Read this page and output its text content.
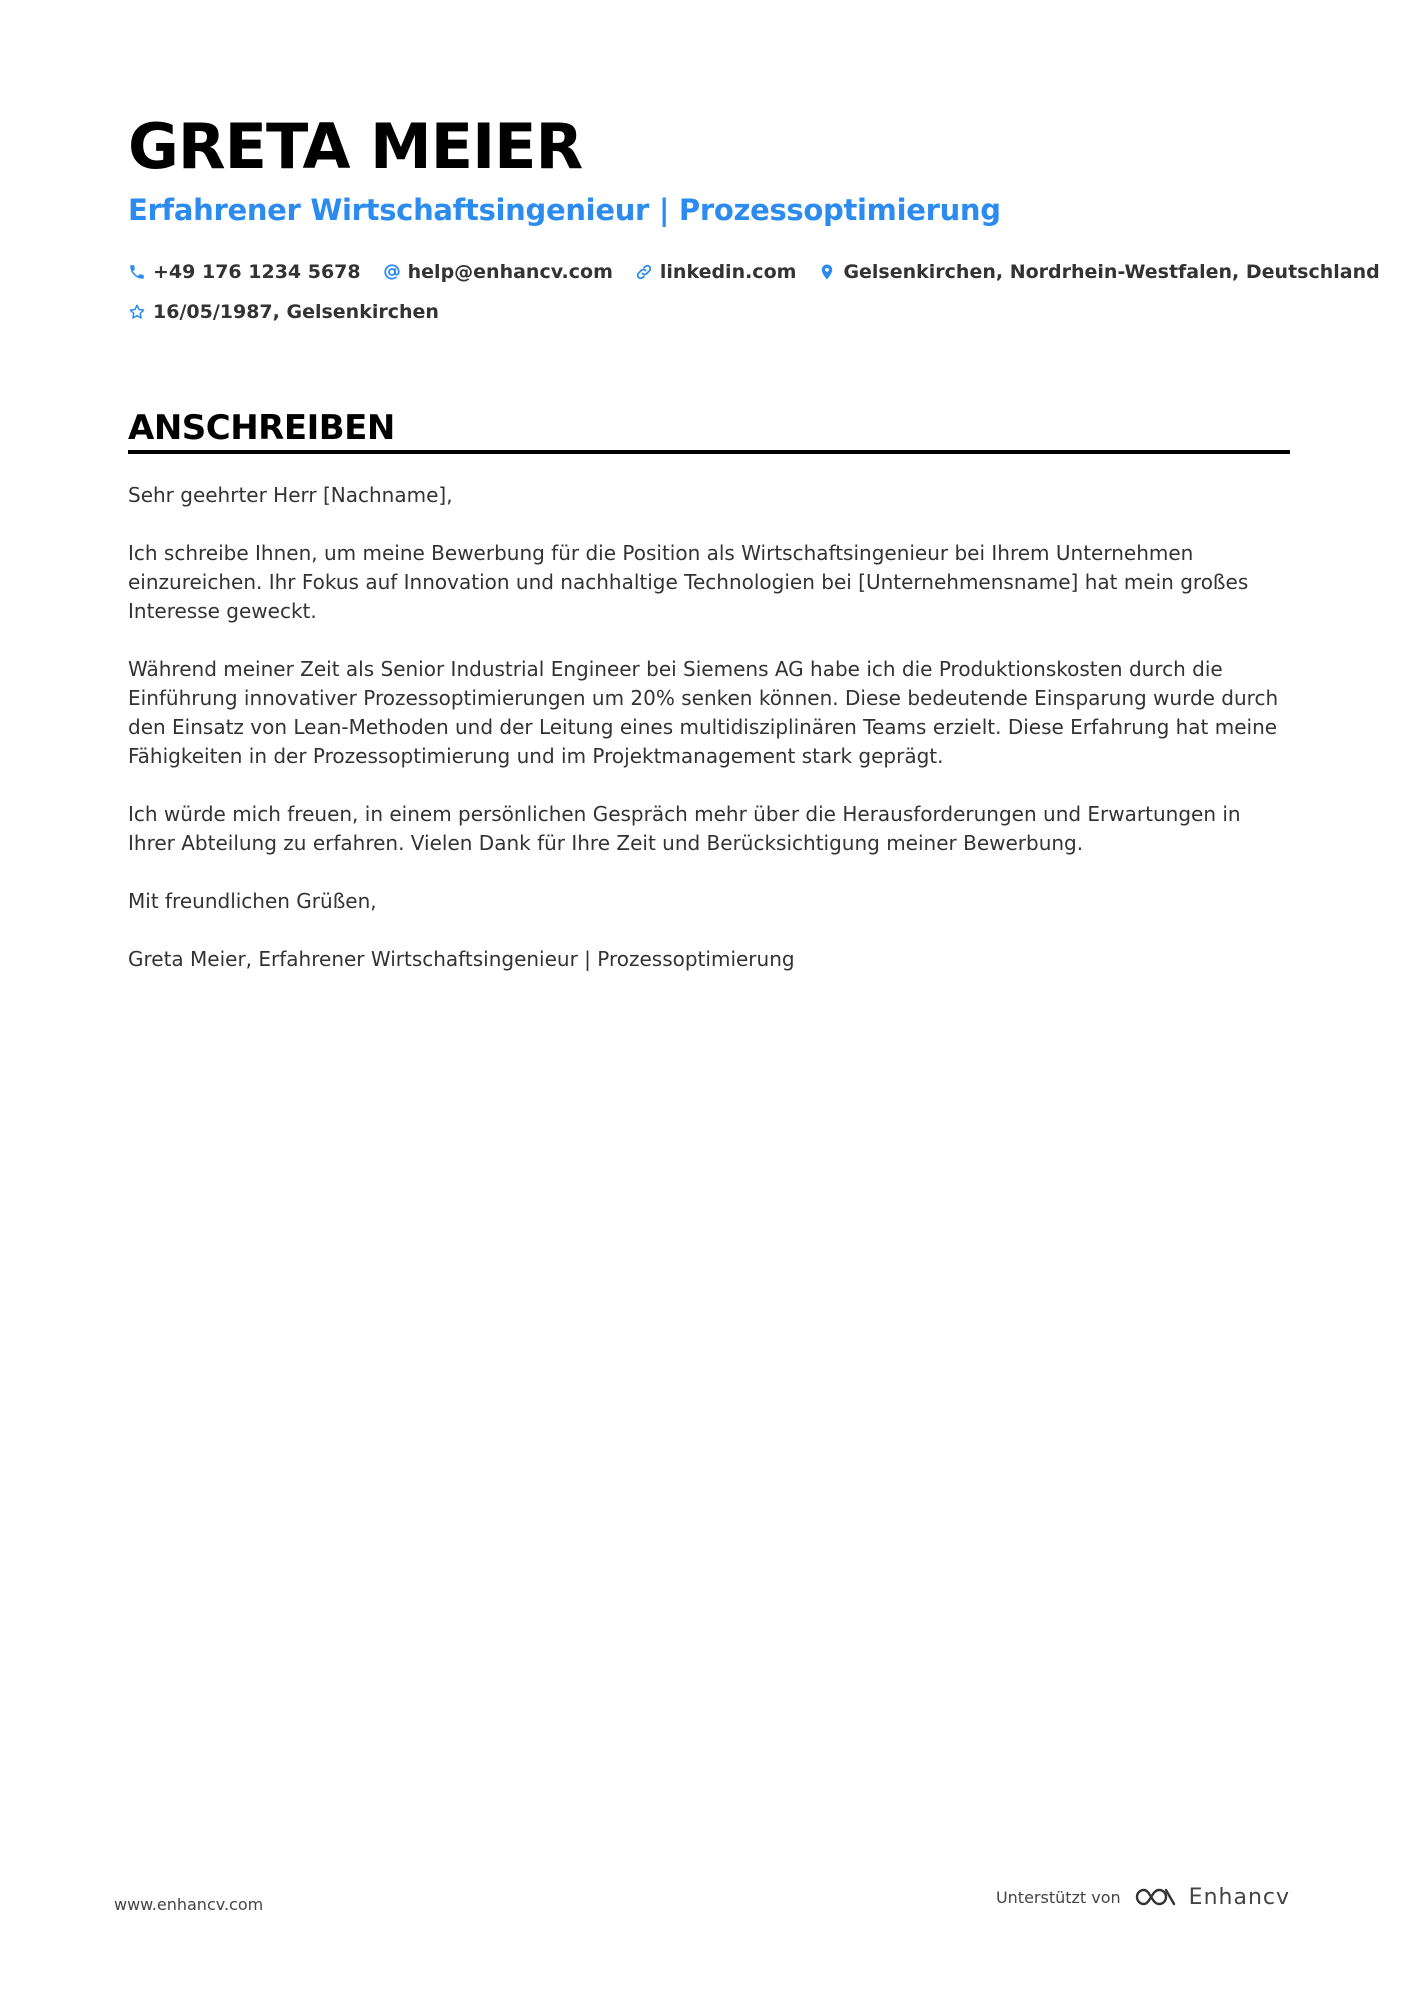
GRETA MEIER
Erfahrener Wirtschaftsingenieur | Prozessoptimierung
+49 176 1234 5678 help@enhancv.com linkedin.com Gelsenkirchen, Nordrhein-Westfalen, Deutschland
16/05/1987, Gelsenkirchen
ANSCHREIBEN

Sehr geehrter Herr [Nachname],

Ich schreibe Ihnen, um meine Bewerbung für die Position als Wirtschaftsingenieur bei Ihrem Unternehmen einzureichen. Ihr Fokus auf Innovation und nachhaltige Technologien bei [Unternehmensname] hat mein großes Interesse geweckt.

Während meiner Zeit als Senior Industrial Engineer bei Siemens AG habe ich die Produktionskosten durch die Einführung innovativer Prozessoptimierungen um 20% senken können. Diese bedeutende Einsparung wurde durch den Einsatz von Lean-Methoden und der Leitung eines multidisziplinären Teams erzielt. Diese Erfahrung hat meine Fähigkeiten in der Prozessoptimierung und im Projektmanagement stark geprägt.

Ich würde mich freuen, in einem persönlichen Gespräch mehr über die Herausforderungen und Erwartungen in Ihrer Abteilung zu erfahren. Vielen Dank für Ihre Zeit und Berücksichtigung meiner Bewerbung.

Mit freundlichen Grüßen,

Greta Meier, Erfahrener Wirtschaftsingenieur | Prozessoptimierung

www.enhancv.com	Unterstützt von	Enhancv
